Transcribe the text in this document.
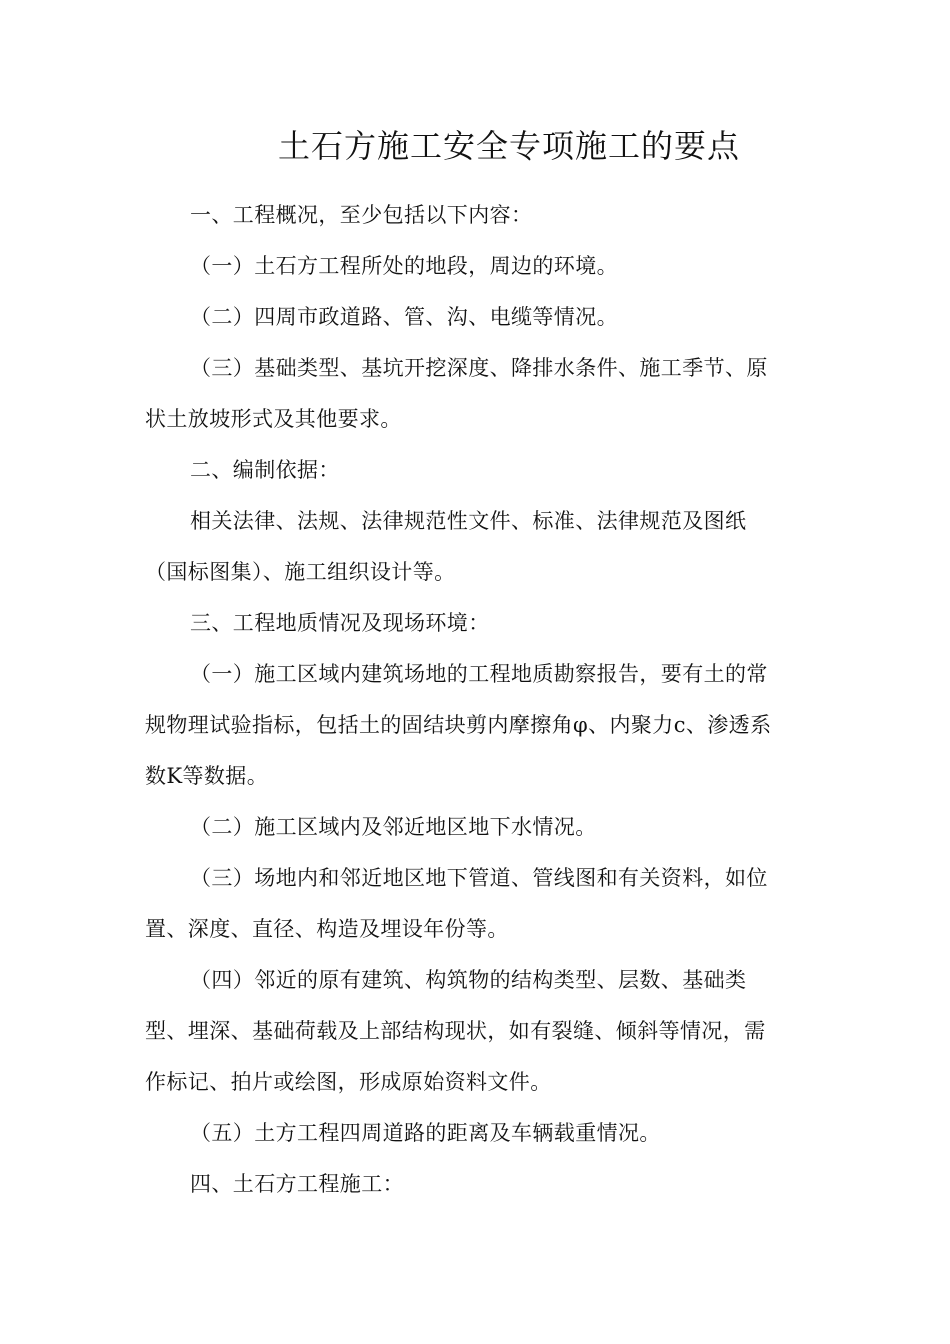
土石方施工安全专项施工的要点
一、工程概况，至少包括以下内容：
（一）土石方工程所处的地段，周边的环境。
（二）四周市政道路、管、沟、电缆等情况。
（三）基础类型、基坑开挖深度、降排水条件、施工季节、原
状土放坡形式及其他要求。
二、编制依据：
相关法律、法规、法律规范性文件、标准、法律规范及图纸
（国标图集）、施工组织设计等。
三、工程地质情况及现场环境：
（一）施工区域内建筑场地的工程地质勘察报告，要有土的常
规物理试验指标，包括土的固结块剪内摩擦角φ、内聚力c、渗透系
数K等数据。
（二）施工区域内及邻近地区地下水情况。
（三）场地内和邻近地区地下管道、管线图和有关资料，如位
置、深度、直径、构造及埋设年份等。
（四）邻近的原有建筑、构筑物的结构类型、层数、基础类
型、埋深、基础荷载及上部结构现状，如有裂缝、倾斜等情况，需
作标记、拍片或绘图，形成原始资料文件。
（五）土方工程四周道路的距离及车辆载重情况。
四、土石方工程施工：
